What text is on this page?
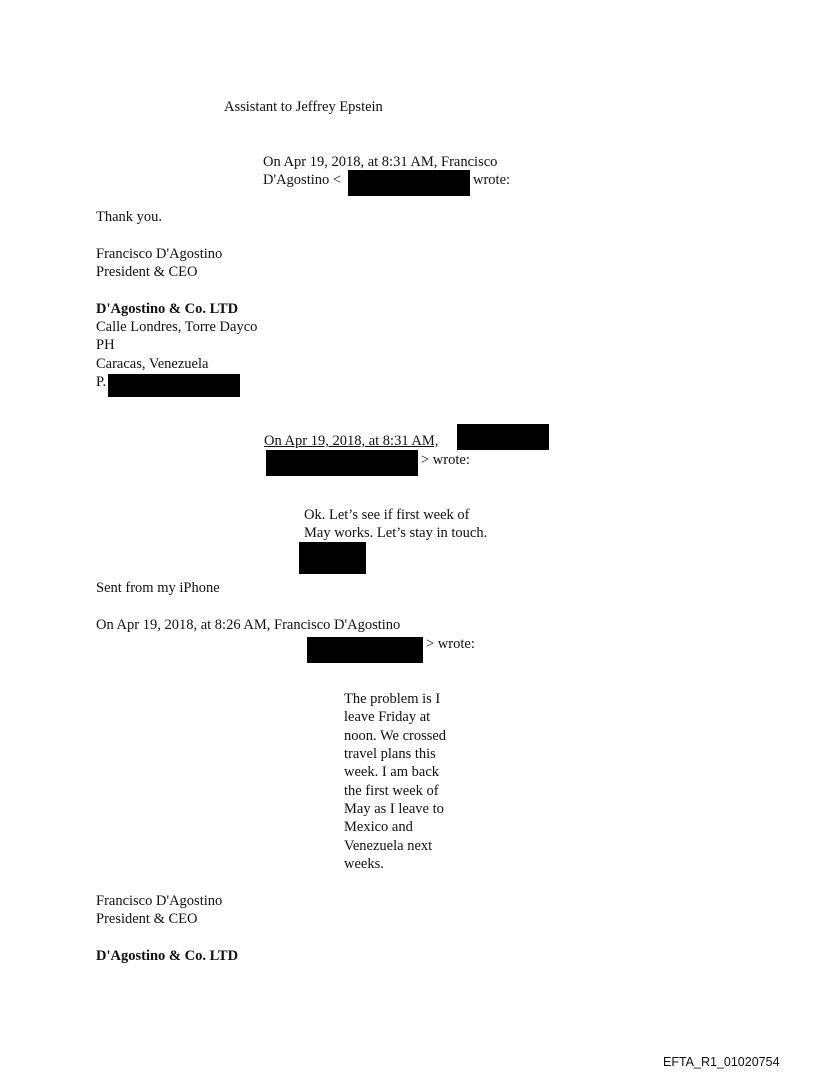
Assistant to Jeffrey Epstein
On Apr 19, 2018, at 8:31 AM, Francisco
D'Agostino <	wrote:
Thank you.
Francisco D'Agostino
President & CEO
D'Agostino & Co. LTD
Calle Londres, Torre Dayco
PH
Caracas, Venezuela
P.
On Apr 19, 2018, at 8:31 AM,
> wrote:
Ok. Let’s see if first week of
May works. Let’s stay in touch.
Sent from my iPhone
On Apr 19, 2018, at 8:26 AM, Francisco D'Agostino
> wrote:
The problem is I
leave Friday at
noon. We crossed
travel plans this
week. I am back
the first week of
May as I leave to
Mexico and
Venezuela next
weeks.
Francisco D'Agostino
President & CEO
D'Agostino & Co. LTD
EFTA_R1_01020754
